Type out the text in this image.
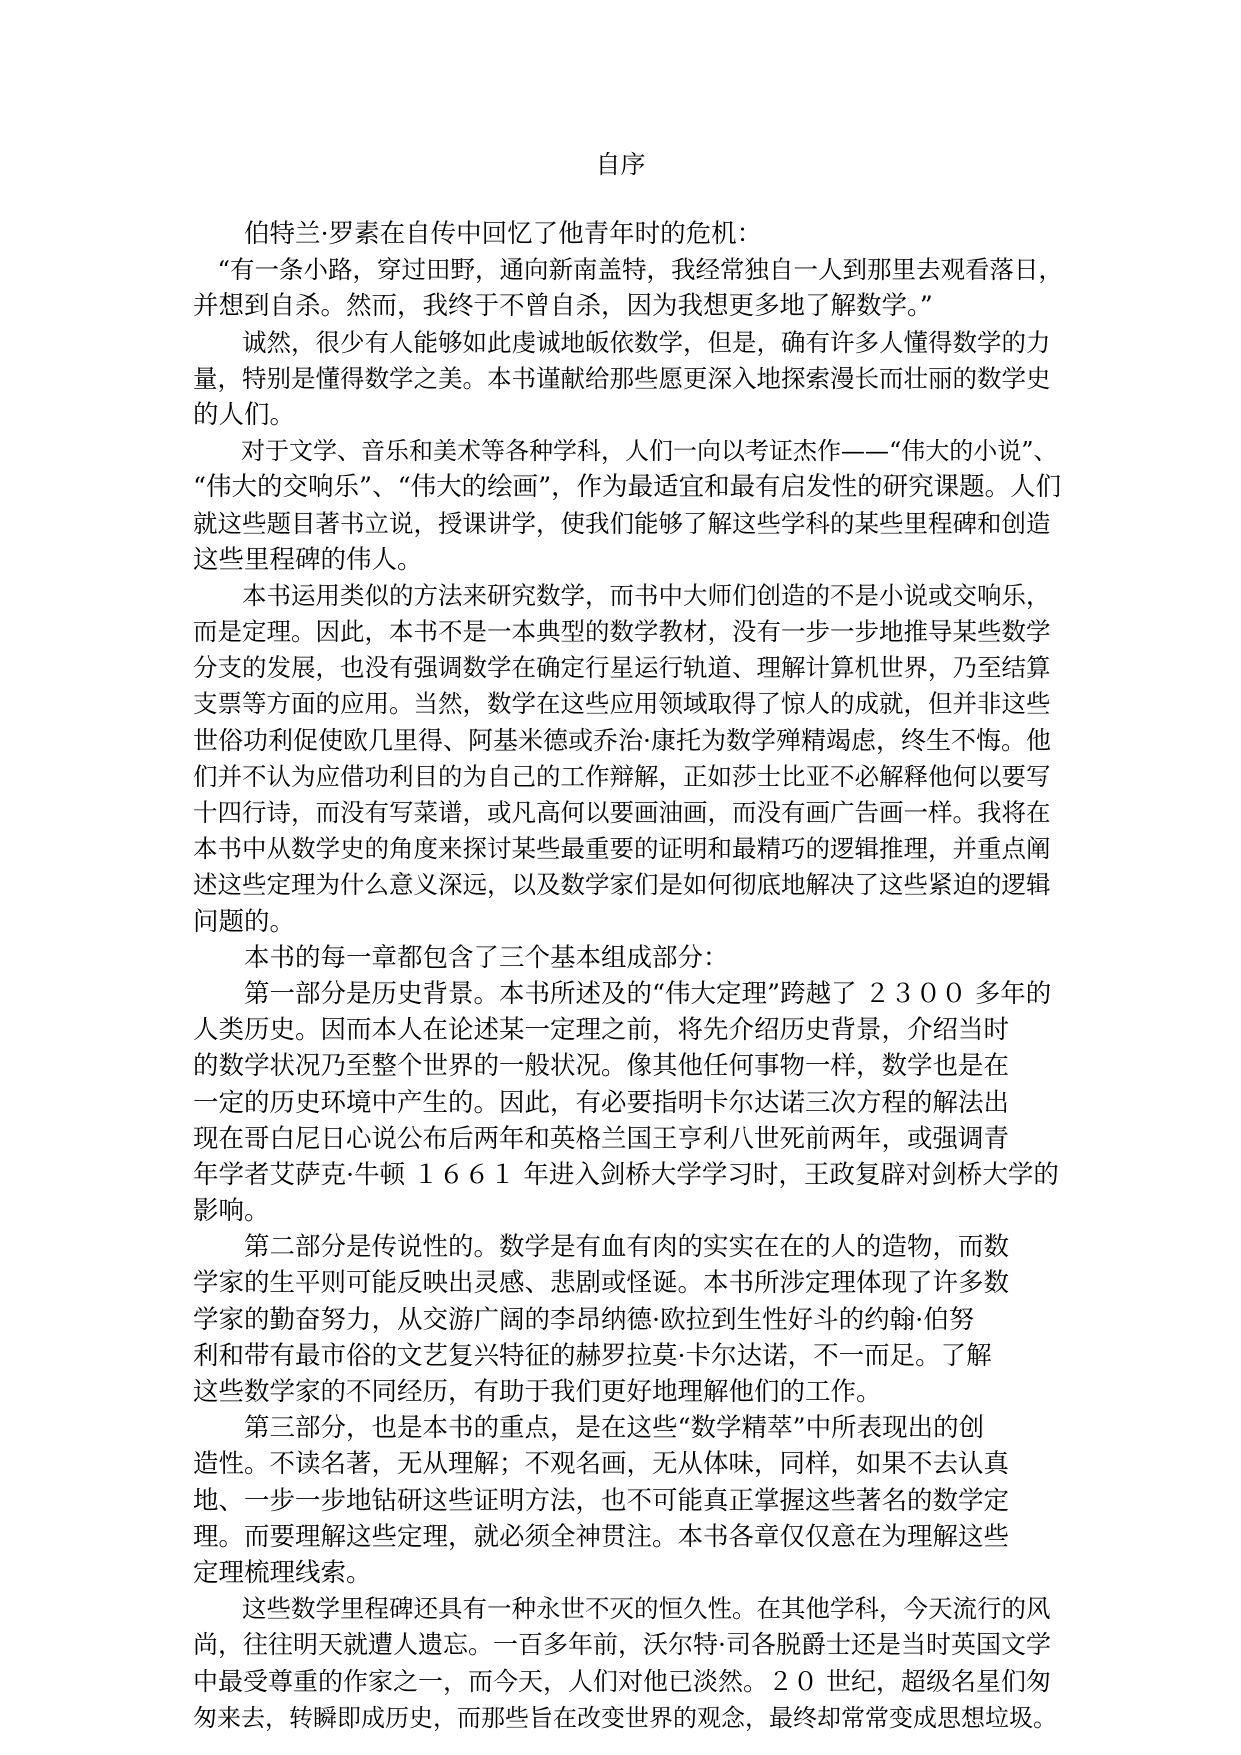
自序
　　伯特兰·罗素在自传中回忆了他青年时的危机：
　“有一条小路，穿过田野，通向新南盖特，我经常独自一人到那里去观看落日，
并想到自杀。然而，我终于不曾自杀，因为我想更多地了解数学。”
　　诚然，很少有人能够如此虔诚地皈依数学，但是，确有许多人懂得数学的力
量，特别是懂得数学之美。本书谨献给那些愿更深入地探索漫长而壮丽的数学史
的人们。
　　对于文学、音乐和美术等各种学科，人们一向以考证杰作——“伟大的小说”、
“伟大的交响乐”、“伟大的绘画”，作为最适宜和最有启发性的研究课题。人们
就这些题目著书立说，授课讲学，使我们能够了解这些学科的某些里程碑和创造
这些里程碑的伟人。
　　本书运用类似的方法来研究数学，而书中大师们创造的不是小说或交响乐，
而是定理。因此，本书不是一本典型的数学教材，没有一步一步地推导某些数学
分支的发展，也没有强调数学在确定行星运行轨道、理解计算机世界，乃至结算
支票等方面的应用。当然，数学在这些应用领域取得了惊人的成就，但并非这些
世俗功利促使欧几里得、阿基米德或乔治·康托为数学殚精竭虑，终生不悔。他
们并不认为应借功利目的为自己的工作辩解，正如莎士比亚不必解释他何以要写
十四行诗，而没有写菜谱，或凡高何以要画油画，而没有画广告画一样。我将在
本书中从数学史的角度来探讨某些最重要的证明和最精巧的逻辑推理，并重点阐
述这些定理为什么意义深远，以及数学家们是如何彻底地解决了这些紧迫的逻辑
问题的。
　　本书的每一章都包含了三个基本组成部分：
　　第一部分是历史背景。本书所述及的“伟大定理”跨越了 ２３００ 多年的
人类历史。因而本人在论述某一定理之前，将先介绍历史背景，介绍当时
的数学状况乃至整个世界的一般状况。像其他任何事物一样，数学也是在
一定的历史环境中产生的。因此，有必要指明卡尔达诺三次方程的解法出
现在哥白尼日心说公布后两年和英格兰国王亨利八世死前两年，或强调青
年学者艾萨克·牛顿 １６６１ 年进入剑桥大学学习时，王政复辟对剑桥大学的
影响。
　　第二部分是传说性的。数学是有血有肉的实实在在的人的造物，而数
学家的生平则可能反映出灵感、悲剧或怪诞。本书所涉定理体现了许多数
学家的勤奋努力，从交游广阔的李昂纳德·欧拉到生性好斗的约翰·伯努
利和带有最市俗的文艺复兴特征的赫罗拉莫·卡尔达诺，不一而足。了解
这些数学家的不同经历，有助于我们更好地理解他们的工作。
　　第三部分，也是本书的重点，是在这些“数学精萃”中所表现出的创
造性。不读名著，无从理解；不观名画，无从体味，同样，如果不去认真
地、一步一步地钻研这些证明方法，也不可能真正掌握这些著名的数学定
理。而要理解这些定理，就必须全神贯注。本书各章仅仅意在为理解这些
定理梳理线索。
　　这些数学里程碑还具有一种永世不灭的恒久性。在其他学科，今天流行的风
尚，往往明天就遭人遗忘。一百多年前，沃尔特·司各脱爵士还是当时英国文学
中最受尊重的作家之一，而今天，人们对他已淡然。２０ 世纪，超级名星们匆
匆来去，转瞬即成历史，而那些旨在改变世界的观念，最终却常常变成思想垃圾。
